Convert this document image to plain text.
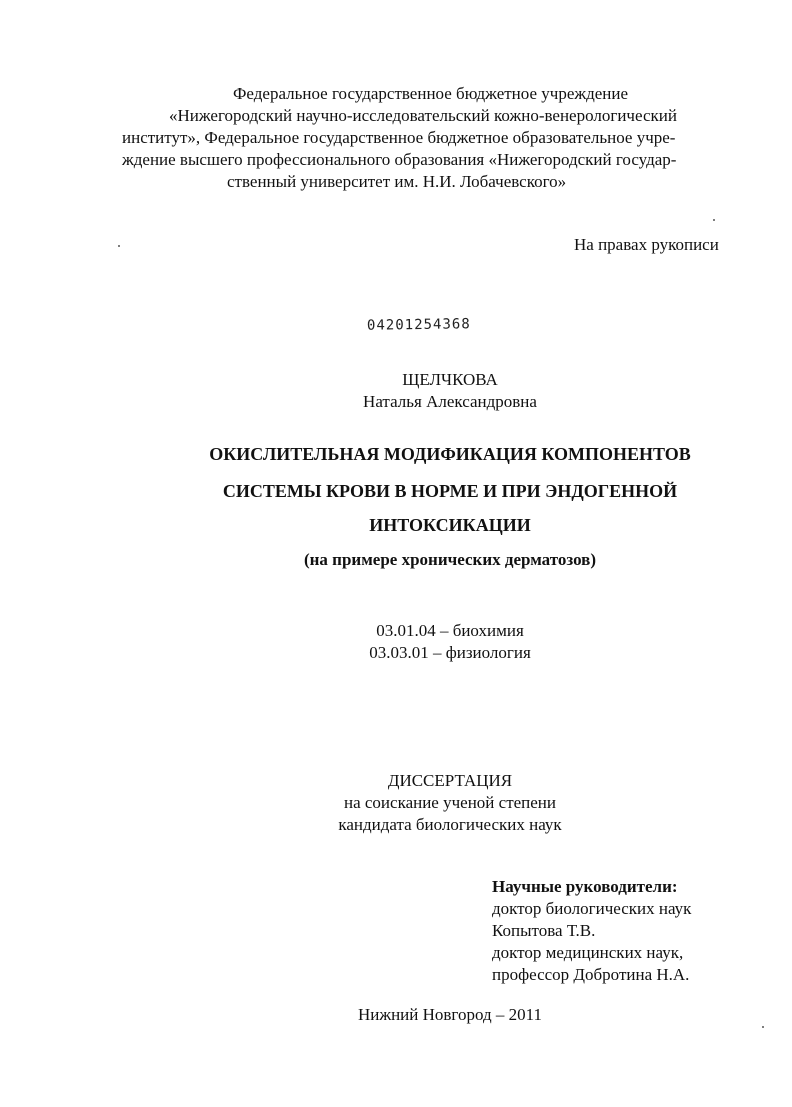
Федеральное государственное бюджетное учреждение
«Нижегородский научно-исследовательский кожно-венерологический
институт», Федеральное государственное бюджетное образовательное учре-
ждение высшего профессионального образования «Нижегородский государ-
ственный университет им. Н.И. Лобачевского»
На правах рукописи
04201254368
ЩЕЛЧКОВА
Наталья Александровна
ОКИСЛИТЕЛЬНАЯ МОДИФИКАЦИЯ КОМПОНЕНТОВ
СИСТЕМЫ КРОВИ В НОРМЕ И ПРИ ЭНДОГЕННОЙ
ИНТОКСИКАЦИИ
(на примере хронических дерматозов)
03.01.04 – биохимия
03.03.01 – физиология
ДИССЕРТАЦИЯ
на соискание ученой степени
кандидата биологических наук
Научные руководители:
доктор биологических наук
Копытова Т.В.
доктор медицинских наук,
профессор Добротина Н.А.
Нижний Новгород – 2011
